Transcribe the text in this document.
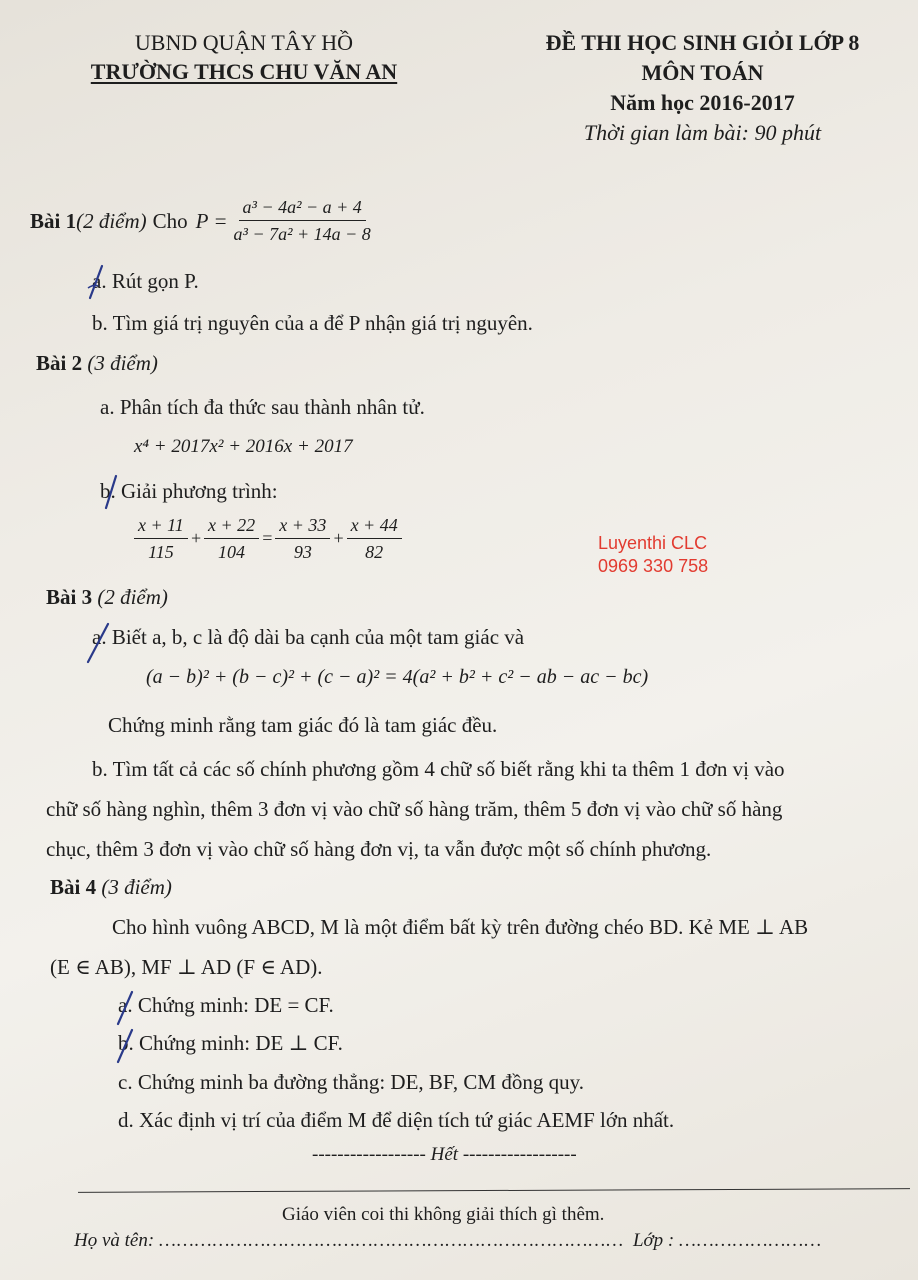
UBND QUẬN TÂY HỒ
TRƯỜNG THCS CHU VĂN AN
ĐỀ THI HỌC SINH GIỎI LỚP 8
MÔN TOÁN
Năm học 2016-2017
Thời gian làm bài: 90 phút
Bài 1 (2 điểm) Cho $P = \frac{\text{a³ − 4a² − a + 4}}{\text{a³ − 7a² + 14a − 8}}$
a. Rút gọn P.
b. Tìm giá trị nguyên của a để P nhận giá trị nguyên.
Bài 2 (3 điểm)
a. Phân tích đa thức sau thành nhân tử.
x⁴ + 2017x² + 2016x + 2017
b. Giải phương trình:
$\frac{x + 11}{115} + \frac{x + 22}{104} = \frac{x + 33}{93} + \frac{x + 44}{82}$	Luyenthi CLC
0969 330 758
Bài 3 (2 điểm)
a. Biết a, b, c là độ dài ba cạnh của một tam giác và
(a − b)² + (b − c)² + (c − a)² = 4(a² + b² + c² − ab − ac − bc)
Chứng minh rằng tam giác đó là tam giác đều.
b. Tìm tất cả các số chính phương gồm 4 chữ số biết rằng khi ta thêm 1 đơn vị vào
chữ số hàng nghìn, thêm 3 đơn vị vào chữ số hàng trăm, thêm 5 đơn vị vào chữ số hàng
chục, thêm 3 đơn vị vào chữ số hàng đơn vị, ta vẫn được một số chính phương.
Bài 4 (3 điểm)
Cho hình vuông ABCD, M là một điểm bất kỳ trên đường chéo BD. Kẻ ME ⊥ AB
(E ∈ AB), MF ⊥ AD (F ∈ AD).
a. Chứng minh: DE = CF.
b. Chứng minh: DE ⊥ CF.
c. Chứng minh ba đường thẳng: DE, BF, CM đồng quy.
d. Xác định vị trí của điểm M để diện tích tứ giác AEMF lớn nhất.
------------------ Hết ------------------
Giáo viên coi thi không giải thích gì thêm.
Họ và tên: …………………………………………………………………… Lớp : ……………………
